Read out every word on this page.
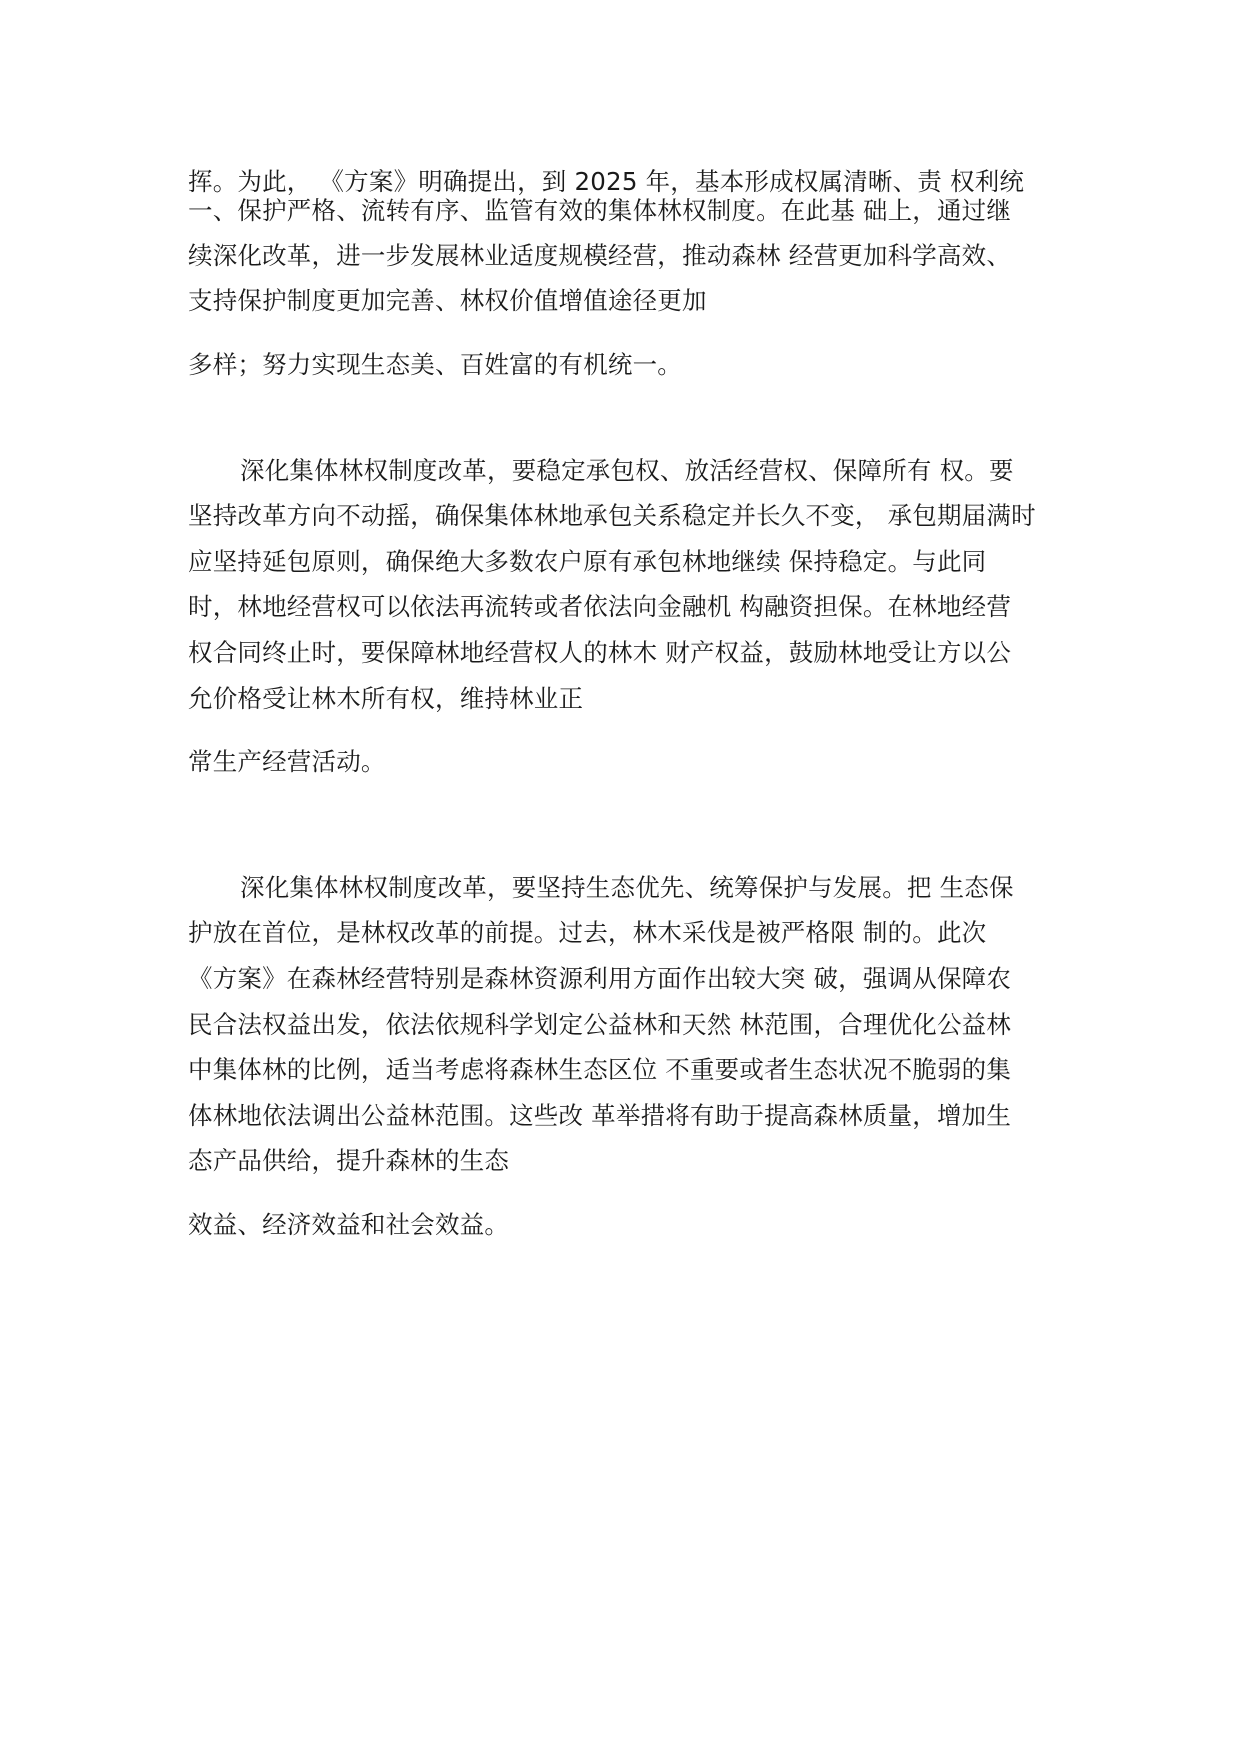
挥。为此， 《方案》明确提出，到 2025 年，基本形成权属清晰、责 权利统

一、保护严格、流转有序、监管有效的集体林权制度。在此基 础上，通过继

续深化改革，进一步发展林业适度规模经营，推动森林 经营更加科学高效、

支持保护制度更加完善、林权价值增值途径更加

多样；努力实现生态美、百姓富的有机统一。

深化集体林权制度改革，要稳定承包权、放活经营权、保障所有 权。要

坚持改革方向不动摇，确保集体林地承包关系稳定并长久不变， 承包期届满时

应坚持延包原则，确保绝大多数农户原有承包林地继续 保持稳定。与此同

时，林地经营权可以依法再流转或者依法向金融机 构融资担保。在林地经营

权合同终止时，要保障林地经营权人的林木 财产权益，鼓励林地受让方以公

允价格受让林木所有权，维持林业正

常生产经营活动。

深化集体林权制度改革，要坚持生态优先、统筹保护与发展。把 生态保

护放在首位，是林权改革的前提。过去，林木采伐是被严格限 制的。此次

《方案》在森林经营特别是森林资源利用方面作出较大突 破，强调从保障农

民合法权益出发，依法依规科学划定公益林和天然 林范围，合理优化公益林

中集体林的比例，适当考虑将森林生态区位 不重要或者生态状况不脆弱的集

体林地依法调出公益林范围。这些改 革举措将有助于提高森林质量，增加生

态产品供给，提升森林的生态

效益、经济效益和社会效益。
